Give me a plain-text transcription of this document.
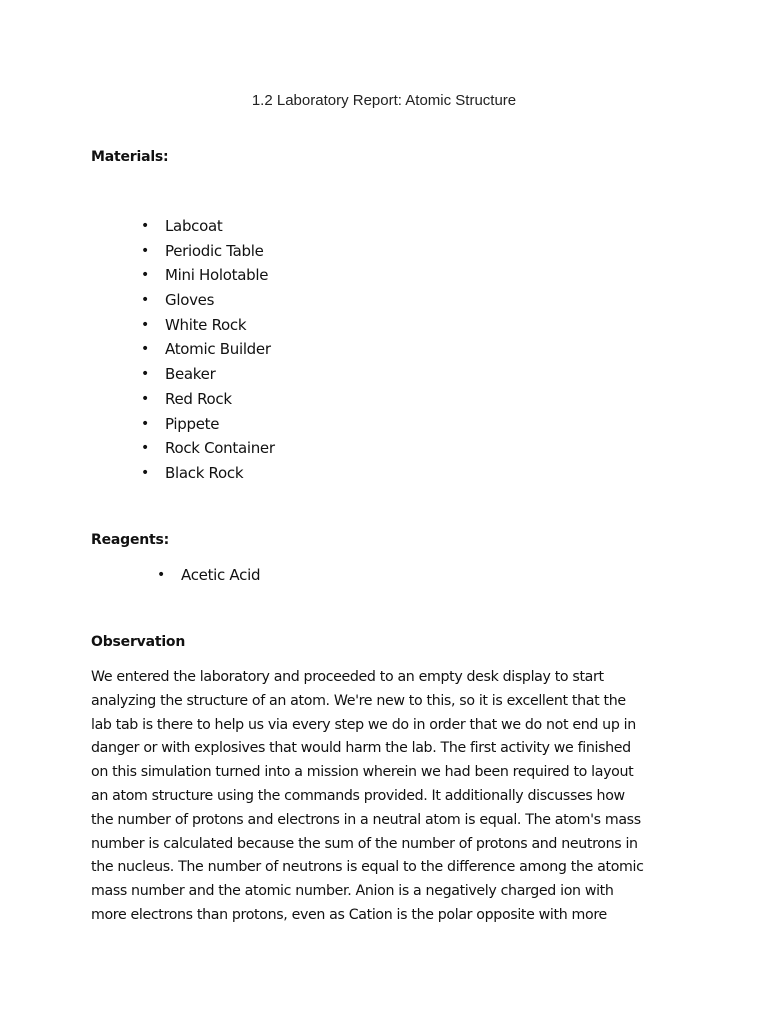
1.2 Laboratory Report: Atomic Structure
Materials:
• Labcoat
• Periodic Table
• Mini Holotable
• Gloves
• White Rock
• Atomic Builder
• Beaker
• Red Rock
• Pippete
• Rock Container
• Black Rock
Reagents:
• Acetic Acid
Observation

We entered the laboratory and proceeded to an empty desk display to start
analyzing the structure of an atom. We're new to this, so it is excellent that the
lab tab is there to help us via every step we do in order that we do not end up in
danger or with explosives that would harm the lab. The first activity we finished
on this simulation turned into a mission wherein we had been required to layout
an atom structure using the commands provided. It additionally discusses how
the number of protons and electrons in a neutral atom is equal. The atom's mass
number is calculated because the sum of the number of protons and neutrons in
the nucleus. The number of neutrons is equal to the difference among the atomic
mass number and the atomic number. Anion is a negatively charged ion with
more electrons than protons, even as Cation is the polar opposite with more
